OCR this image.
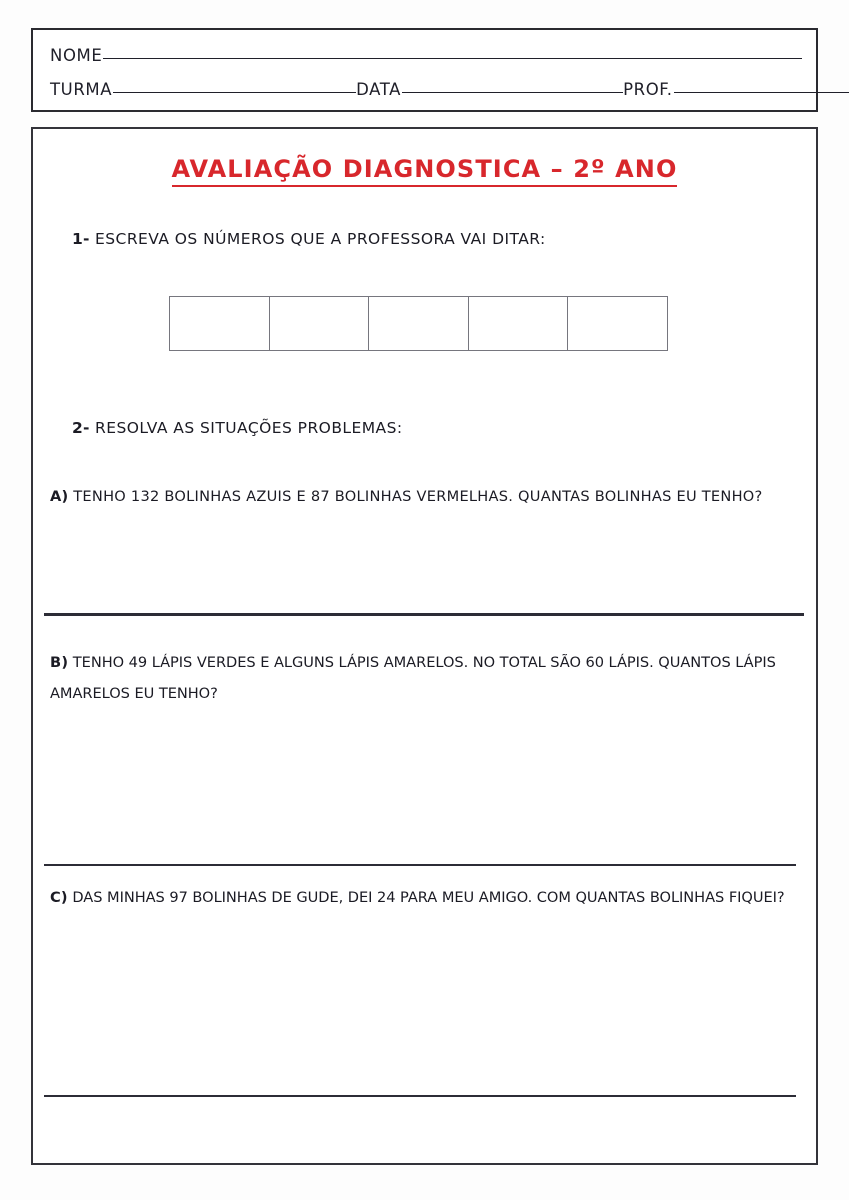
NOME
TURMA	DATA	PROF.
AVALIAÇÃO DIAGNOSTICA – 2º ANO
1- ESCREVA OS NÚMEROS QUE A PROFESSORA VAI DITAR:
2- RESOLVA AS SITUAÇÕES PROBLEMAS:

A) TENHO 132 BOLINHAS AZUIS E 87 BOLINHAS VERMELHAS. QUANTAS BOLINHAS EU TENHO?

B) TENHO 49 LÁPIS VERDES E ALGUNS LÁPIS AMARELOS. NO TOTAL SÃO 60 LÁPIS. QUANTOS LÁPIS AMARELOS EU TENHO?

C) DAS MINHAS 97 BOLINHAS DE GUDE, DEI 24 PARA MEU AMIGO. COM QUANTAS BOLINHAS FIQUEI?
